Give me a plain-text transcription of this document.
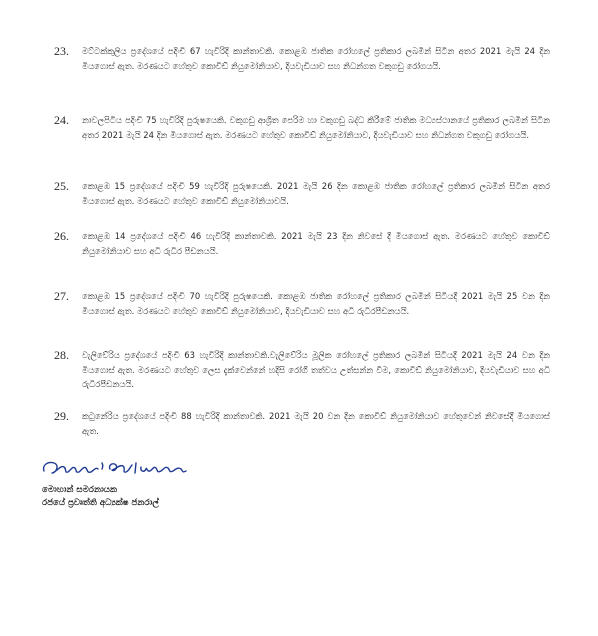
23. මට්ටක්කුලිය ප්‍රදේශයේ පදිංචි 67 හැවිරිදි කාන්තාවකි. කොළඹ ජාතික රෝහලේ ප්‍රතිකාර ලබමින් සිටින අතර 2021 මැයි 24 දින මියගොස් ඇත. මරණයට හේතුව කොවිඩ් නියුමෝනියාව, දියවැඩියාව සහ නිධන්ගත වකුගඩු රෝගයයි.
24. නාවලපිටිය පදිංචි 75 හැවිරිදි පුරුෂයෙකි. වකුගඩු ආශ්‍රිත පෙරිම හා වකුගඩු බද්ධ කිරීමේ ජාතික මධ්‍යස්ථානයේ ප්‍රතිකාර ලබමින් සිටින අතර 2021 මැයි 24 දින මියගොස් ඇත. මරණයට හේතුව කොවිඩ් නියුමෝනියාව, දියවැඩියාව සහ නිධන්ගත වකුගඩු රෝගයයි.
25. කොළඹ 15 ප්‍රදේශයේ පදිංචි 59 හැවිරිදි පුරුෂයෙකි. 2021 මැයි 26 දින කොළඹ ජාතික රෝහලේ ප්‍රතිකාර ලබමින් සිටින අතර මියගොස් ඇත. මරණයට හේතුව කොවිඩ් නියුමෝනියාවයි.
26. කොළඹ 14 ප්‍රදේශයේ පදිංචි 46 හැවිරිදි කාන්තාවකි. 2021 මැයි 23 දින නිවසේ දී මියගොස් ඇත. මරණයට හේතුව කොවිඩ් නියුමෝනියාව සහ අධි රුධිර පීඩනයයි.
27. කොළඹ 15 ප්‍රදේශයේ පදිංචි 70 හැවිරිදි පුරුෂයෙකි. කොළඹ ජාතික රෝහලේ ප්‍රතිකාර ලබමින් සිටියදී 2021 මැයි 25 වන දින මියගොස් ඇත. මරණයට හේතුව කොවිඩ් නියුමෝනියාව, දියවැඩියාව සහ අධි රුධිරපීඩනයයි.
28. වැලිවේරිය ප්‍රදේශයේ පදිංචි 63 හැවිරිදි කාන්තාවකි.වැලිවේරිය මූලික රෝහලේ ප්‍රතිකාර ලබමින් සිටියදී 2021 මැයි 24 වන දින මියගොස් ඇත. මරණයට හේතුව ලෙස දැක්වෙන්නේ හදිසි රෝගී තත්වය උත්සන්න වීම, කොවිඩ් නියුමෝනියාව, දියවැඩියාව සහ අධි රුධිරපීඩනයයි.
29. කටුනේරිය ප්‍රදේශයේ පදිංචි 88 හැවිරිදි කාන්තාවකි. 2021 මැයි 20 වන දින කොවිඩ් නියුමෝනියාව හේතුවෙන් නිවසේදී මියගොස් ඇත.
මොහාන් සමරනායක
රජයේ ප්‍රවෘත්ති අධ්‍යක්ෂ ජනරාල්
